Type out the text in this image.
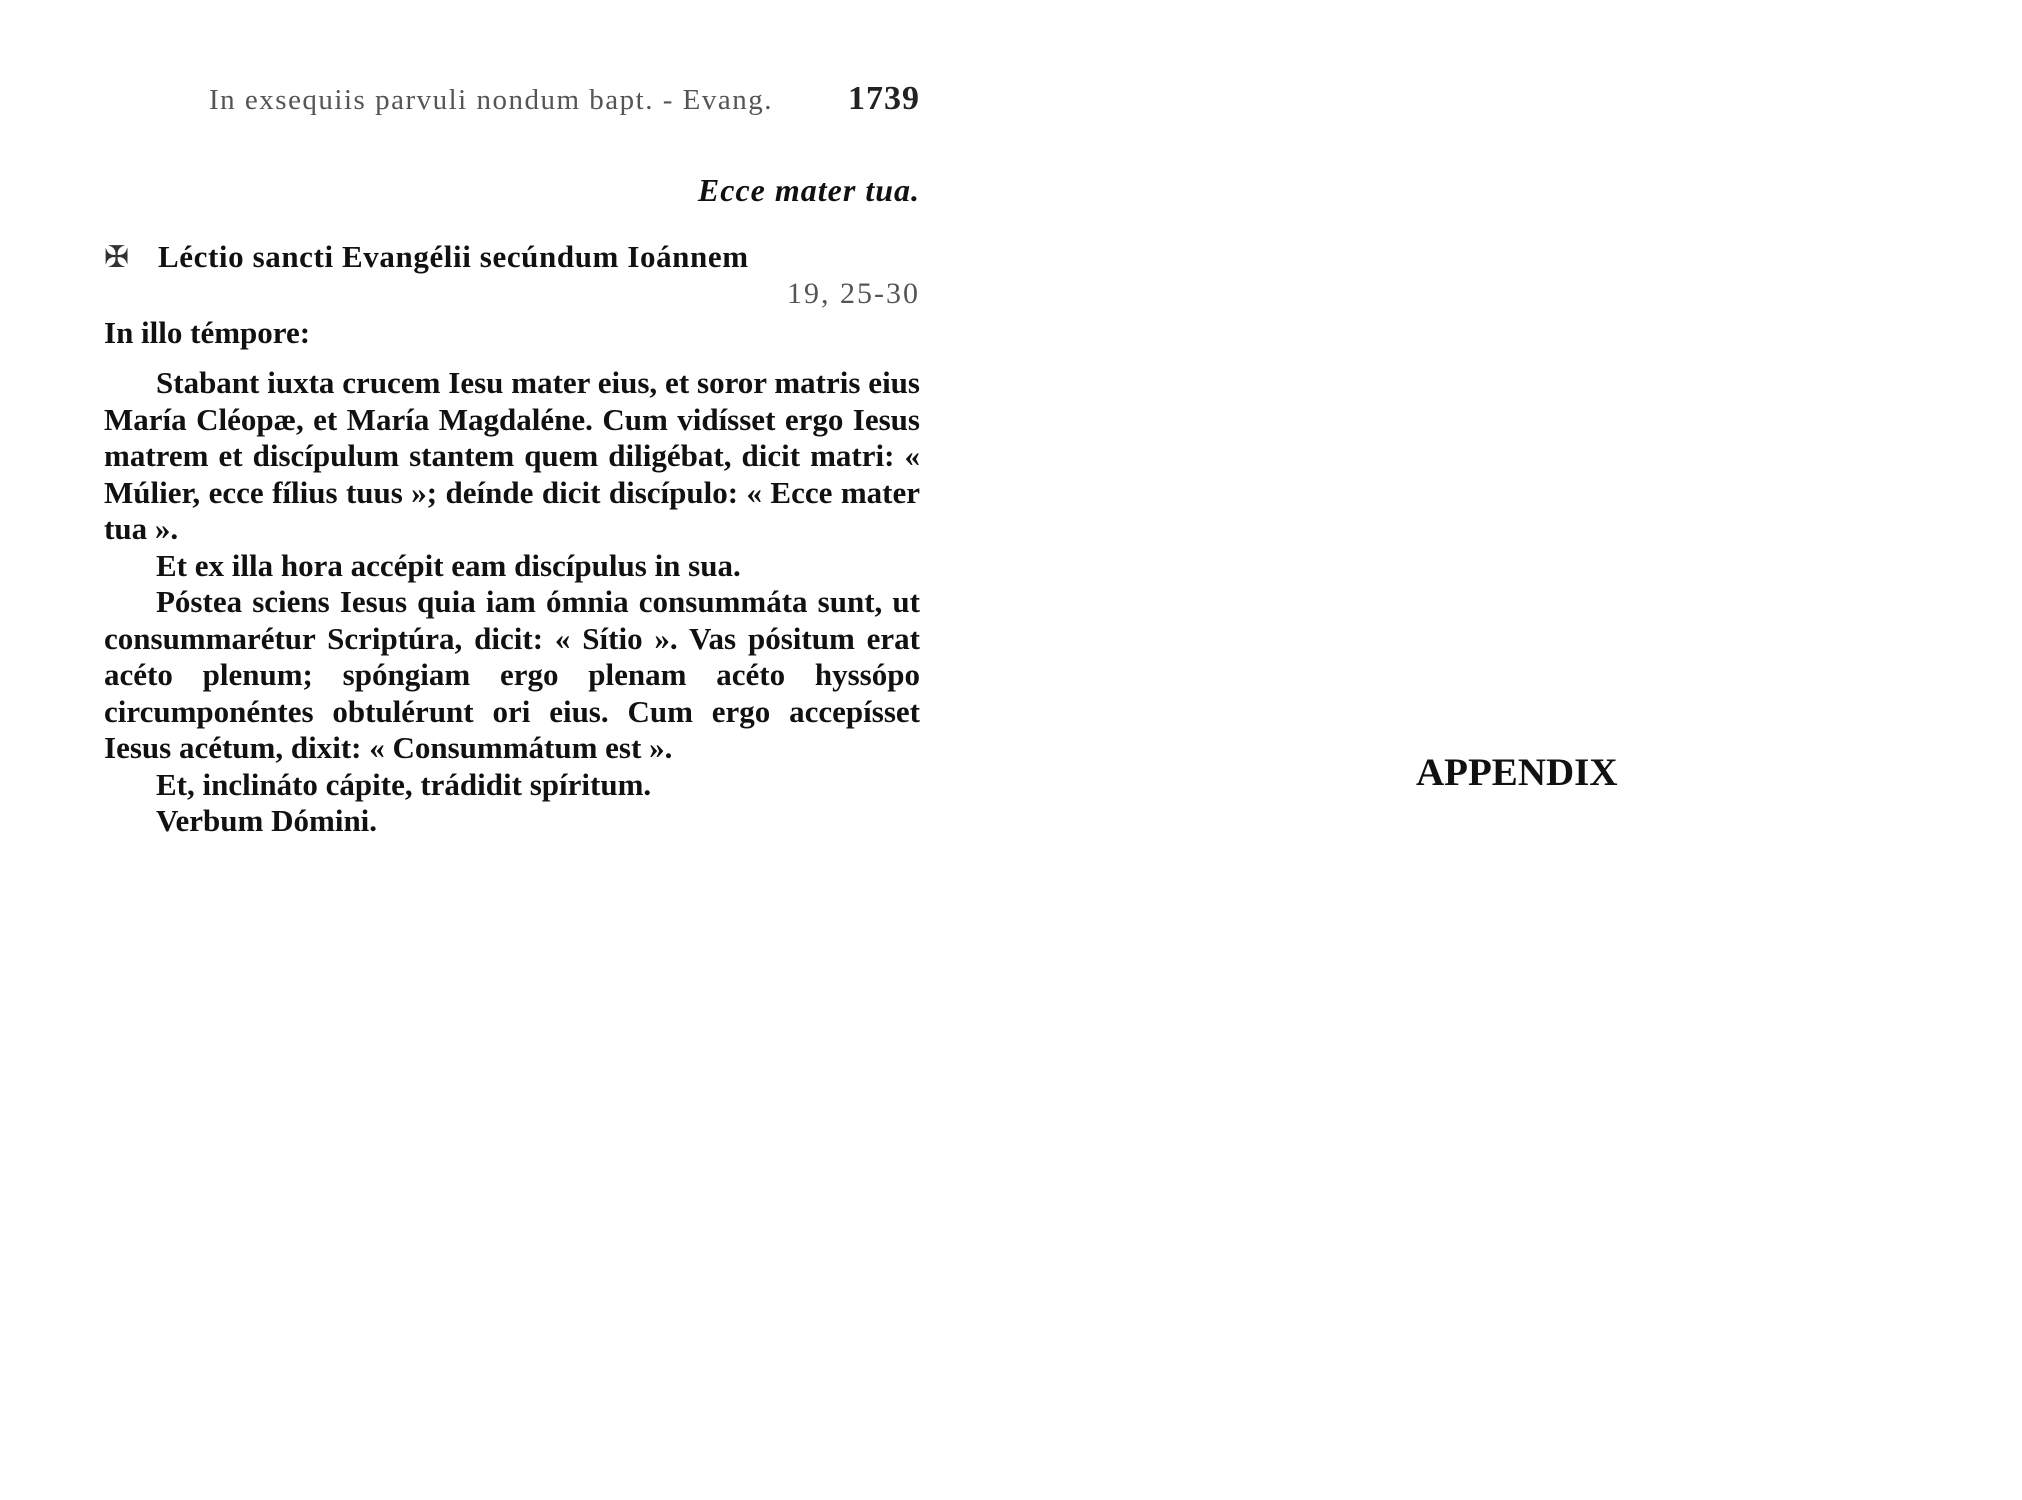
In exsequiis parvuli nondum bapt. - Evang. 1739
Ecce mater tua.
✠ Léctio sancti Evangélii secúndum Ioánnem
19, 25-30
In illo témpore:

Stabant iuxta crucem Iesu mater eius, et soror matris eius María Cléopæ, et María Magdaléne. Cum vidísset ergo Iesus matrem et discípulum stantem quem diligébat, dicit matri: « Múlier, ecce fílius tuus »; deínde dicit discípulo: « Ecce mater tua ».

Et ex illa hora accépit eam discípulus in sua.

Póstea sciens Iesus quia iam ómnia consummáta sunt, ut consummarétur Scriptúra, dicit: « Sítio ». Vas pósitum erat acéto plenum; spóngiam ergo plenam acéto hyssópo circumponéntes obtulérunt ori eius. Cum ergo accepísset Iesus acétum, dixit: « Consummátum est ».

Et, inclináto cápite, trádidit spíritum.

Verbum Dómini.

APPENDIX
